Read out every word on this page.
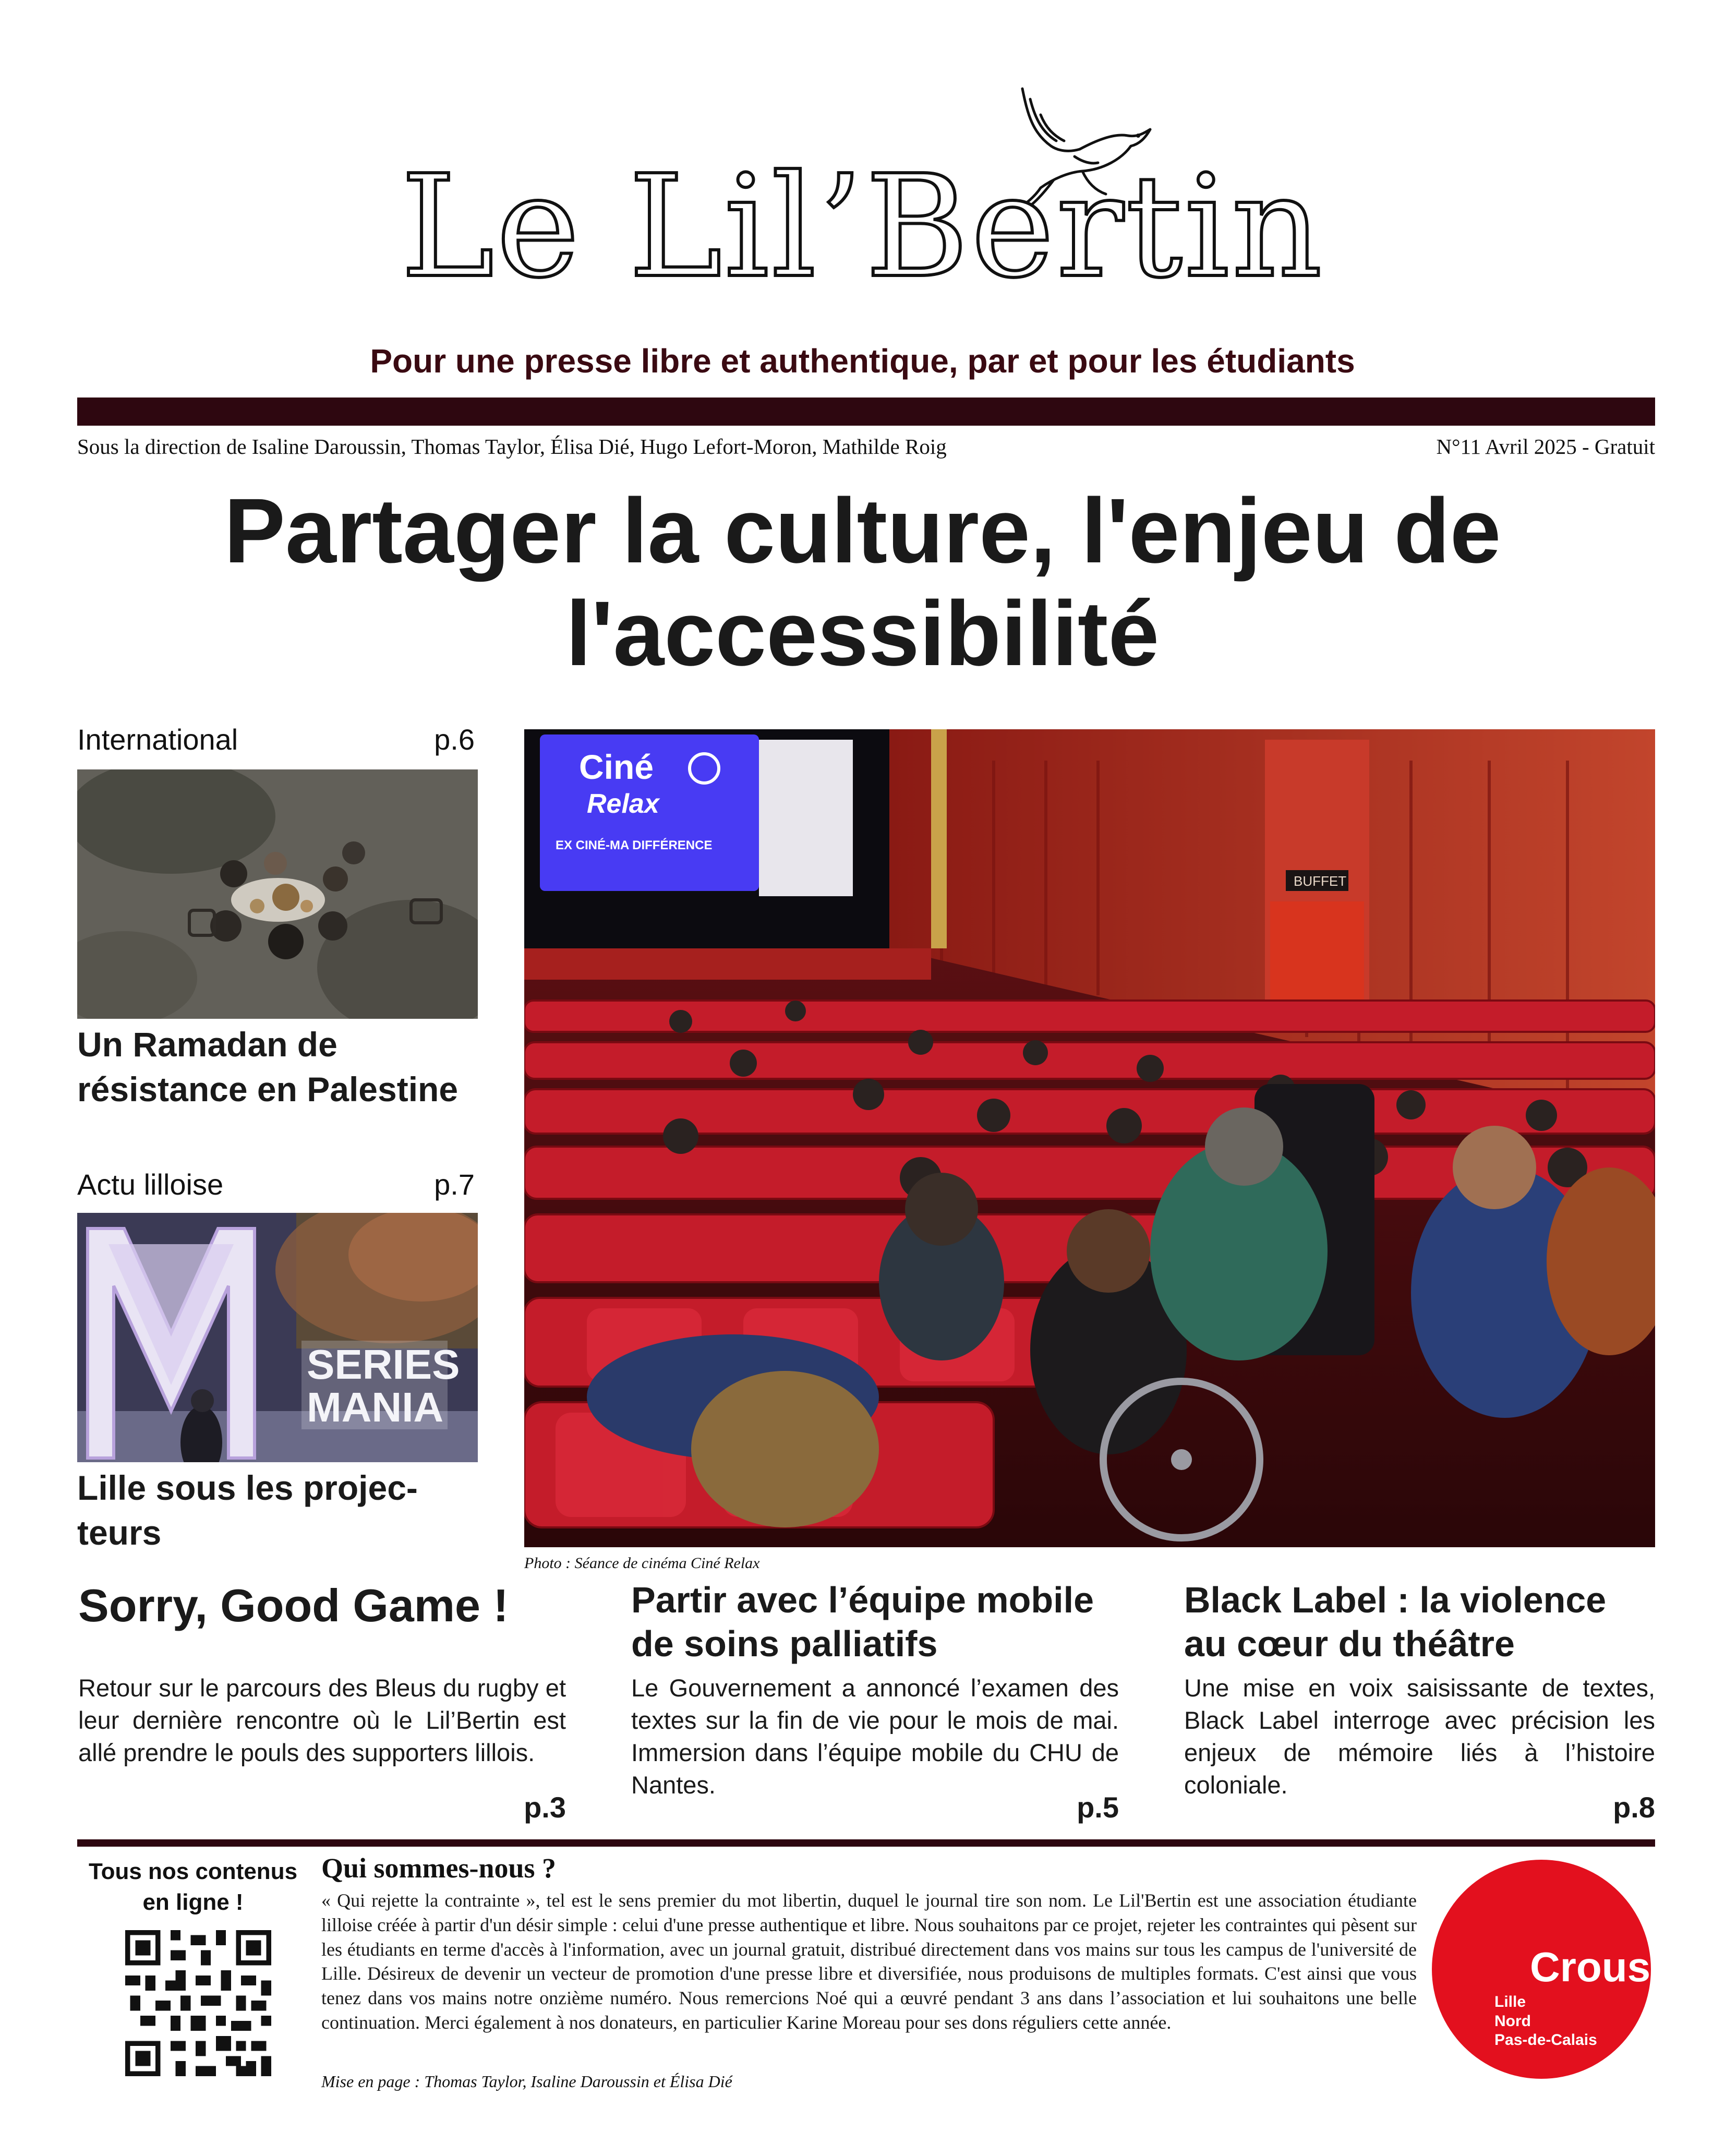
Le Lil’Bertin
Pour une presse libre et authentique, par et pour les étudiants
Sous la direction de Isaline Daroussin, Thomas Taylor, Élisa Dié, Hugo Lefort-Moron, Mathilde Roig	N°11 Avril 2025 - Gratuit
Partager la culture, l'enjeu de l'accessibilité
International	p.6
Un Ramadan de résistance en Palestine
Actu lilloise	p.7
SERIES
MANIA
Lille sous les projec-teurs
BUFFET
Ciné
Relax
EX CINÉ-MA DIFFÉRENCE
Photo : Séance de cinéma Ciné Relax
Sorry, Good Game !
Retour sur le parcours des Bleus du rugby et leur dernière rencontre où le Lil’Bertin est allé prendre le pouls des supporters lillois.
p.3
Partir avec l’équipe mobile de soins palliatifs
Le Gouvernement a annoncé l’examen des textes sur la fin de vie pour le mois de mai. Immersion dans l’équipe mobile du CHU de Nantes.
p.5
Black Label : la violence au cœur du théâtre
Une mise en voix saisissante de textes, Black Label interroge avec précision les enjeux de mémoire liés à l’histoire coloniale.
p.8
Tous nos contenus en ligne !
Qui sommes-nous ?
« Qui rejette la contrainte », tel est le sens premier du mot libertin, duquel le journal tire son nom. Le Lil'Bertin est une association étudiante lilloise créée à partir d'un désir simple : celui d'une presse authentique et libre. Nous souhaitons par ce projet, rejeter les contraintes qui pèsent sur les étudiants en terme d'accès à l'information, avec un journal gratuit, distribué directement dans vos mains sur tous les campus de l'université de Lille. Désireux de devenir un vecteur de promotion d'une presse libre et diversifiée, nous produisons de multiples formats. C'est ainsi que vous tenez dans vos mains notre onzième numéro. Nous remercions Noé qui a œuvré pendant 3 ans dans l’association et lui souhaitons une belle continuation. Merci également à nos donateurs, en particulier Karine Moreau pour ses dons réguliers cette année.
Mise en page : Thomas Taylor, Isaline Daroussin et Élisa Dié
Crous
Lille
Nord
Pas-de-Calais
